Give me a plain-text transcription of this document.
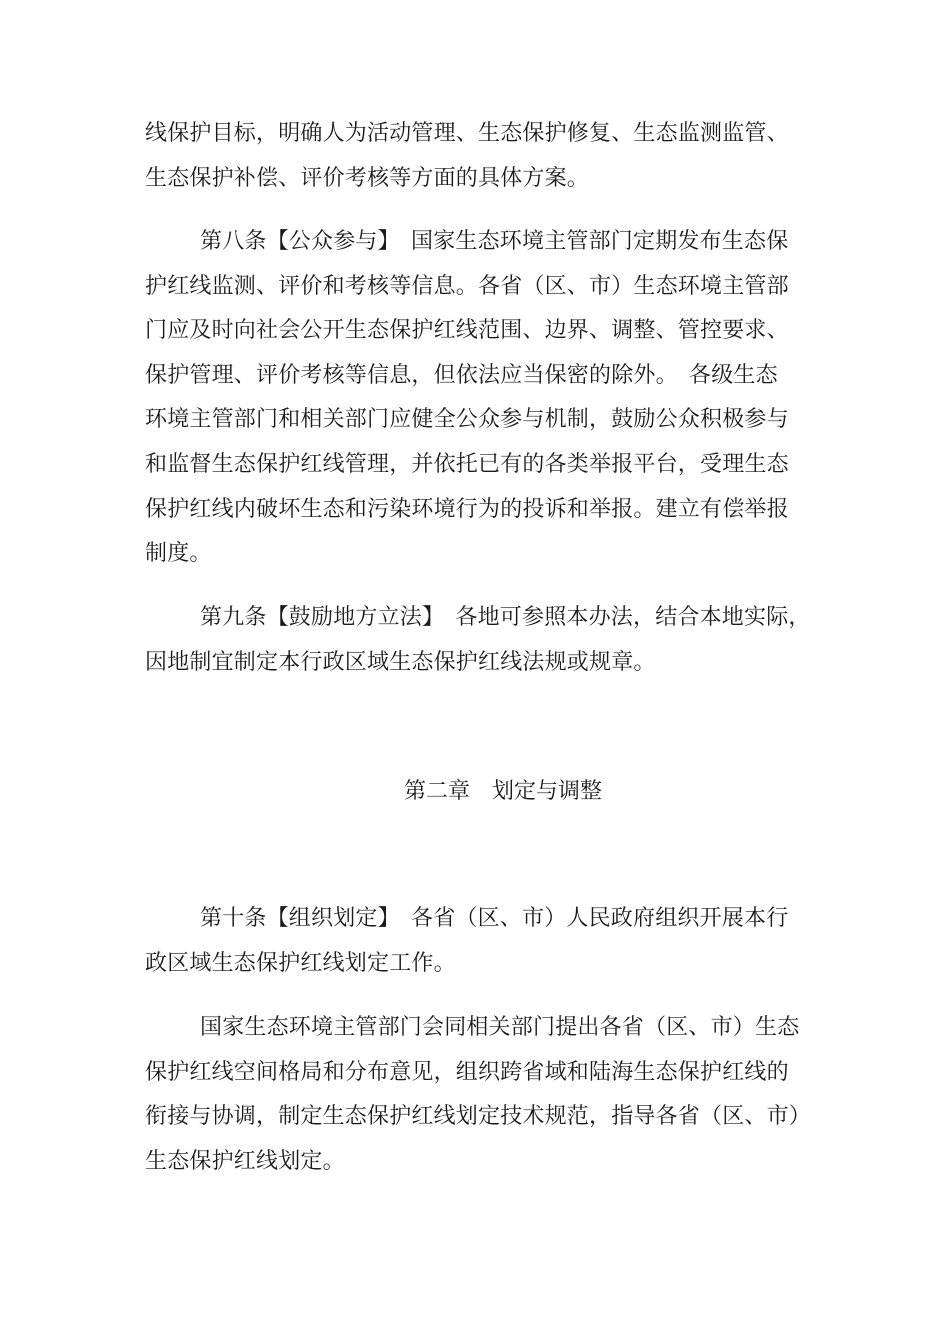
线保护目标，明确人为活动管理、生态保护修复、生态监测监管、
生态保护补偿、评价考核等方面的具体方案。
第八条【公众参与】　国家生态环境主管部门定期发布生态保
护红线监测、评价和考核等信息。各省（区、市）生态环境主管部
门应及时向社会公开生态保护红线范围、边界、调整、管控要求、
保护管理、评价考核等信息，但依法应当保密的除外。　各级生态
环境主管部门和相关部门应健全公众参与机制，鼓励公众积极参与
和监督生态保护红线管理，并依托已有的各类举报平台，受理生态
保护红线内破坏生态和污染环境行为的投诉和举报。建立有偿举报
制度。
第九条【鼓励地方立法】　各地可参照本办法，结合本地实际，
因地制宜制定本行政区域生态保护红线法规或规章。
第二章　划定与调整
第十条【组织划定】　各省（区、市）人民政府组织开展本行
政区域生态保护红线划定工作。
国家生态环境主管部门会同相关部门提出各省（区、市）生态
保护红线空间格局和分布意见，组织跨省域和陆海生态保护红线的
衔接与协调，制定生态保护红线划定技术规范，指导各省（区、市）
生态保护红线划定。
